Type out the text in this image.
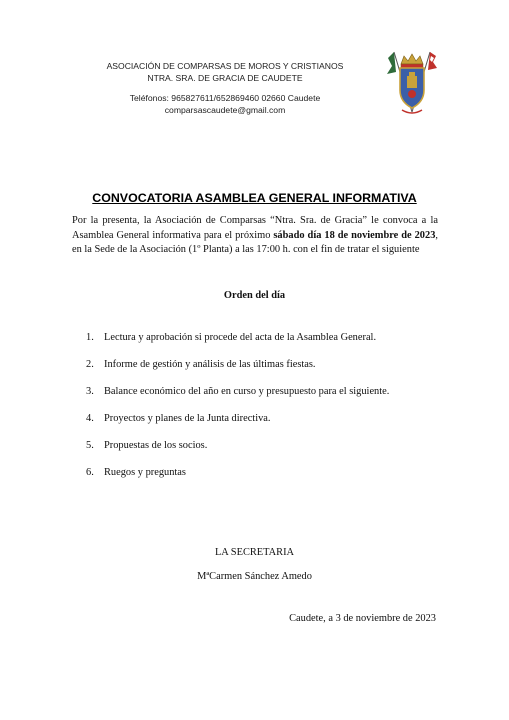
ASOCIACIÓN DE COMPARSAS DE MOROS Y CRISTIANOS
NTRA. SRA. DE GRACIA DE CAUDETE
Teléfonos: 965827611/652869460 02660 Caudete
comparsascaudete@gmail.com
CONVOCATORIA ASAMBLEA GENERAL INFORMATIVA
Por la presenta, la Asociación de Comparsas “Ntra. Sra. de Gracia” le convoca a la
Asamblea General informativa para el próximo sábado día 18 de noviembre de 2023,
en la Sede de la Asociación (1º Planta) a las 17:00 h. con el fin de tratar el siguiente
Orden del día
1. Lectura y aprobación si procede del acta de la Asamblea General.
2. Informe de gestión y análisis de las últimas fiestas.
3. Balance económico del año en curso y presupuesto para el siguiente.
4. Proyectos y planes de la Junta directiva.
5. Propuestas de los socios.
6. Ruegos y preguntas
LA SECRETARIA
MªCarmen Sánchez Amedo
Caudete, a 3 de noviembre de 2023
